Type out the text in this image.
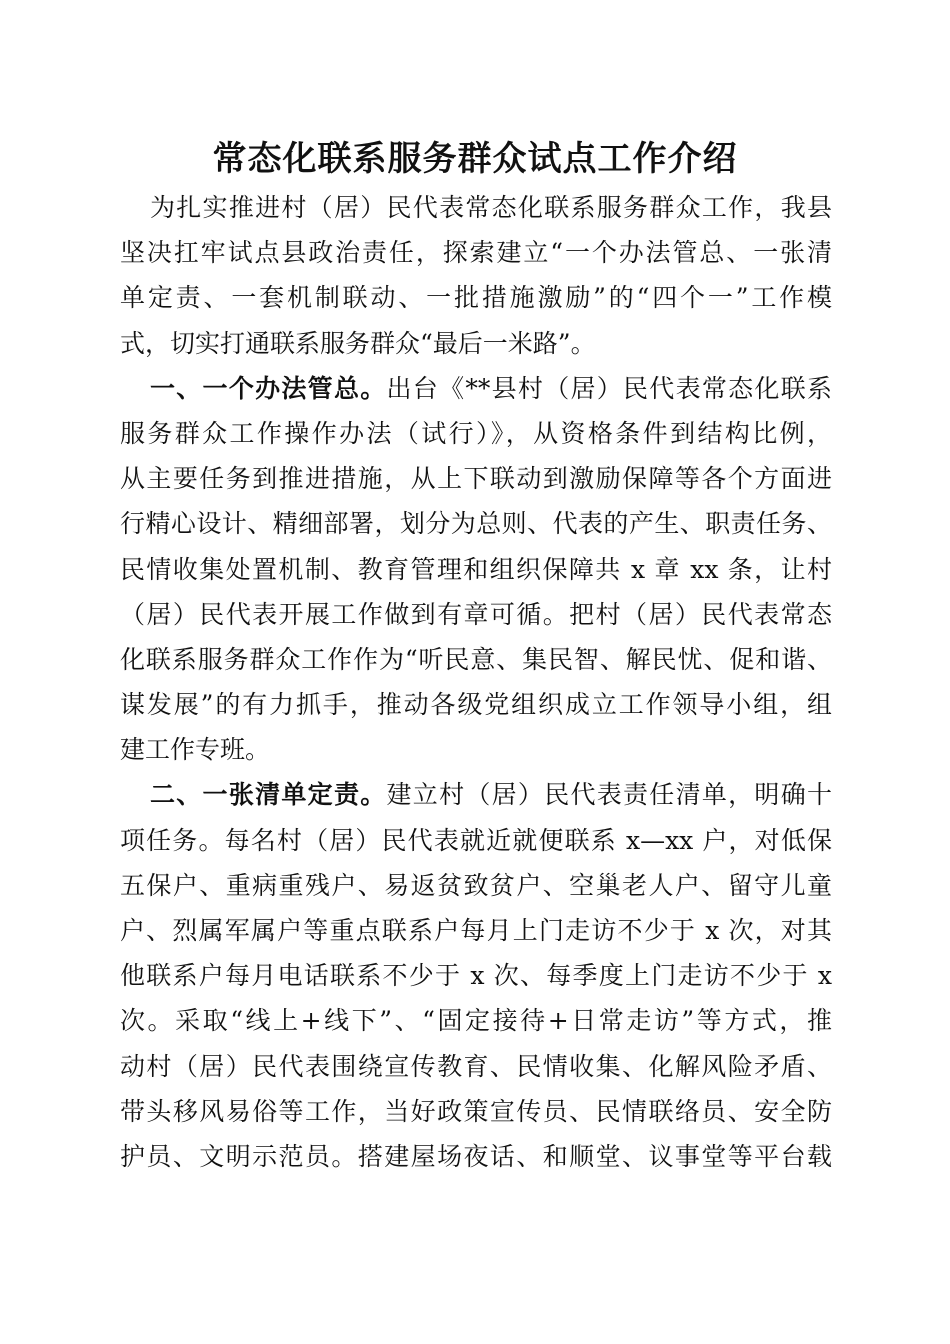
常态化联系服务群众试点工作介绍
为扎实推进村（居）民代表常态化联系服务群众工作，我县
坚决扛牢试点县政治责任，探索建立“一个办法管总、一张清
单定责、一套机制联动、一批措施激励”的“四个一”工作模
式，切实打通联系服务群众“最后一米路”。
一、一个办法管总。出台《**县村（居）民代表常态化联系
服务群众工作操作办法（试行）》，从资格条件到结构比例，
从主要任务到推进措施，从上下联动到激励保障等各个方面进
行精心设计、精细部署，划分为总则、代表的产生、职责任务、
民情收集处置机制、教育管理和组织保障共 x 章 xx 条，让村
（居）民代表开展工作做到有章可循。把村（居）民代表常态
化联系服务群众工作作为“听民意、集民智、解民忧、促和谐、
谋发展”的有力抓手，推动各级党组织成立工作领导小组，组
建工作专班。
二、一张清单定责。建立村（居）民代表责任清单，明确十
项任务。每名村（居）民代表就近就便联系 x—xx 户，对低保
五保户、重病重残户、易返贫致贫户、空巢老人户、留守儿童
户、烈属军属户等重点联系户每月上门走访不少于 x 次，对其
他联系户每月电话联系不少于 x 次、每季度上门走访不少于 x
次。采取“线上+线下”、“固定接待+日常走访”等方式，推
动村（居）民代表围绕宣传教育、民情收集、化解风险矛盾、
带头移风易俗等工作，当好政策宣传员、民情联络员、安全防
护员、文明示范员。搭建屋场夜话、和顺堂、议事堂等平台载
